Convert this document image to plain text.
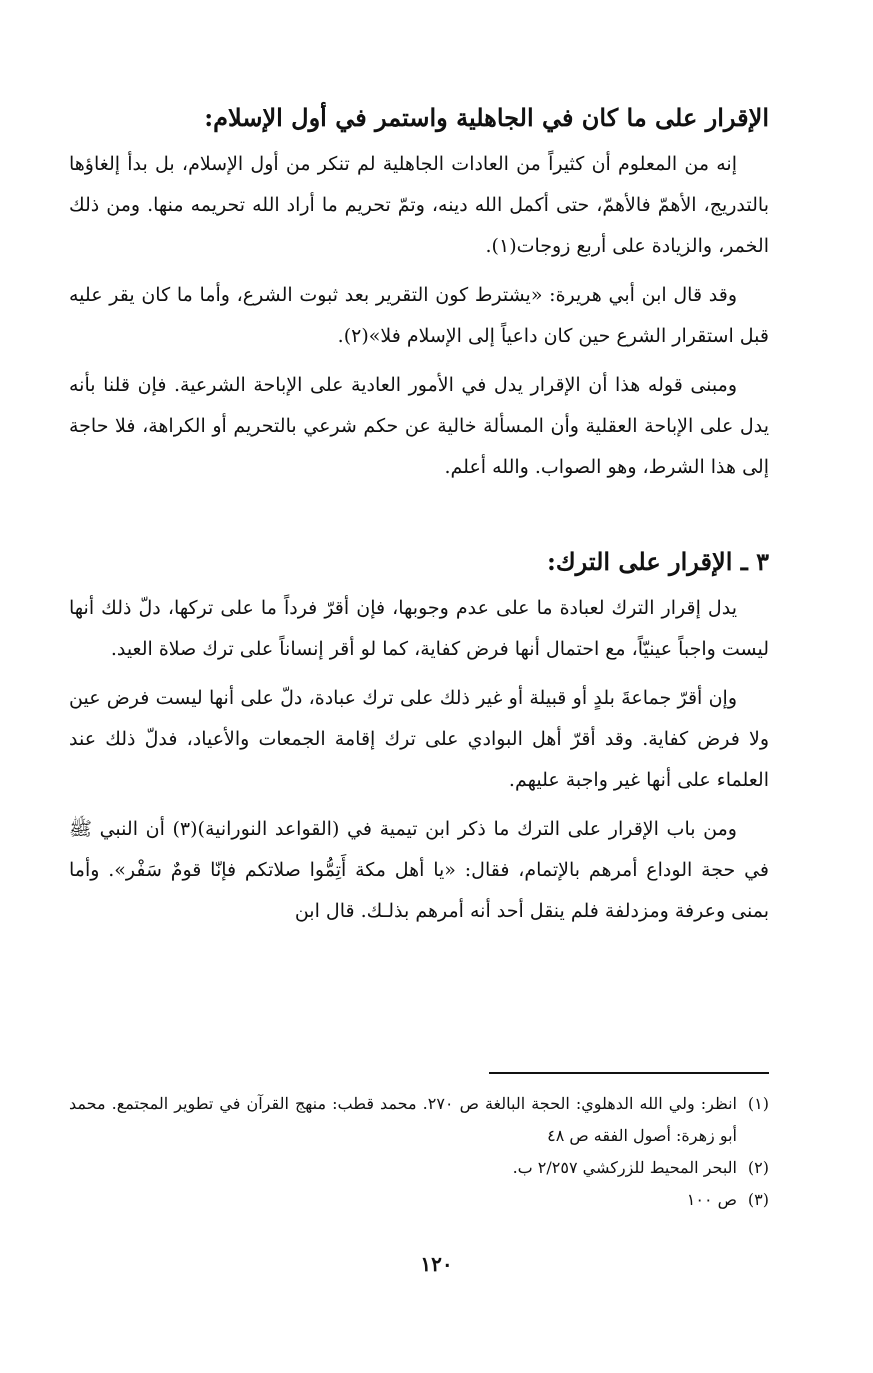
الإقرار على ما كان في الجاهلية واستمر في أول الإسلام:

إنه من المعلوم أن كثيراً من العادات الجاهلية لم تنكر من أول الإسلام، بل بدأ إلغاؤها بالتدريج، الأهمّ فالأهمّ، حتى أكمل الله دينه، وتمّ تحريم ما أراد الله تحريمه منها. ومن ذلك الخمر، والزيادة على أربع زوجات(١).

وقد قال ابن أبي هريرة: «يشترط كون التقرير بعد ثبوت الشرع، وأما ما كان يقر عليه قبل استقرار الشرع حين كان داعياً إلى الإسلام فلا»(٢).

ومبنى قوله هذا أن الإقرار يدل في الأمور العادية على الإباحة الشرعية. فإن قلنا بأنه يدل على الإباحة العقلية وأن المسألة خالية عن حكم شرعي بالتحريم أو الكراهة، فلا حاجة إلى هذا الشرط، وهو الصواب. والله أعلم.

٣ ـ الإقرار على الترك:

يدل إقرار الترك لعبادة ما على عدم وجوبها، فإن أقرّ فرداً ما على تركها، دلّ ذلك أنها ليست واجباً عينيّاً، مع احتمال أنها فرض كفاية، كما لو أقر إنساناً على ترك صلاة العيد.

وإن أقرّ جماعةَ بلدٍ أو قبيلة أو غير ذلك على ترك عبادة، دلّ على أنها ليست فرض عين ولا فرض كفاية. وقد أقرّ أهل البوادي على ترك إقامة الجمعات والأعياد، فدلّ ذلك عند العلماء على أنها غير واجبة عليهم.

ومن باب الإقرار على الترك ما ذكر ابن تيمية في (القواعد النورانية)(٣) أن النبي ﷺ في حجة الوداع أمرهم بالإتمام، فقال: «يا أهل مكة أَتِمُّوا صلاتكم فإنّا قومٌ سَفْر». وأما بمنى وعرفة ومزدلفة فلم ينقل أحد أنه أمرهم بذلـك. قال ابن

(١)
انظر: ولي الله الدهلوي: الحجة البالغة ص ٢٧٠. محمد قطب: منهج القرآن في تطوير المجتمع. محمد أبو زهرة: أصول الفقه ص ٤٨

(٢)
البحر المحيط للزركشي ٢/٢٥٧ ب.

(٣)
ص ١٠٠

١٢٠
